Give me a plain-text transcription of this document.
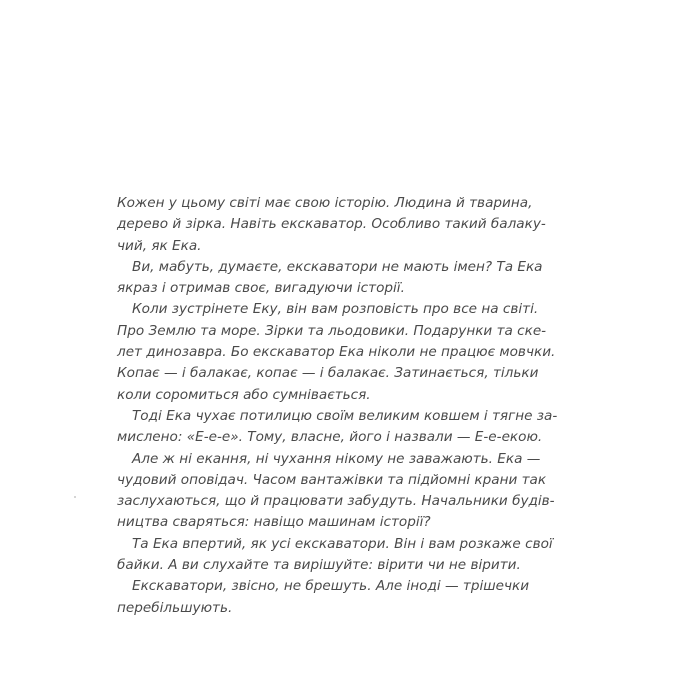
Кожен у цьому світі має свою історію. Людина й тварина,
дерево й зірка. Навіть екскаватор. Особливо такий балаку-
чий, як Ека.
Ви, мабуть, думаєте, екскаватори не мають імен? Та Ека
якраз і отримав своє, вигадуючи історії.
Коли зустрінете Еку, він вам розповість про все на світі.
Про Землю та море. Зірки та льодовики. Подарунки та ске-
лет динозавра. Бо екскаватор Ека ніколи не працює мовчки.
Копає — і балакає, копає — і балакає. Затинається, тільки
коли соромиться або сумнівається.
Тоді Ека чухає потилицю своїм великим ковшем і тягне за-
мислено: «Е-е-е». Тому, власне, його і назвали — Е-е-екою.
Але ж ні екання, ні чухання нікому не заважають. Ека —
чудовий оповідач. Часом вантажівки та підйомні крани так
заслухаються, що й працювати забудуть. Начальники будів-
ництва сваряться: навіщо машинам історії?
Та Ека впертий, як усі екскаватори. Він і вам розкаже свої
байки. А ви слухайте та вирішуйте: вірити чи не вірити.
Екскаватори, звісно, не брешуть. Але іноді — трішечки
перебільшують.
